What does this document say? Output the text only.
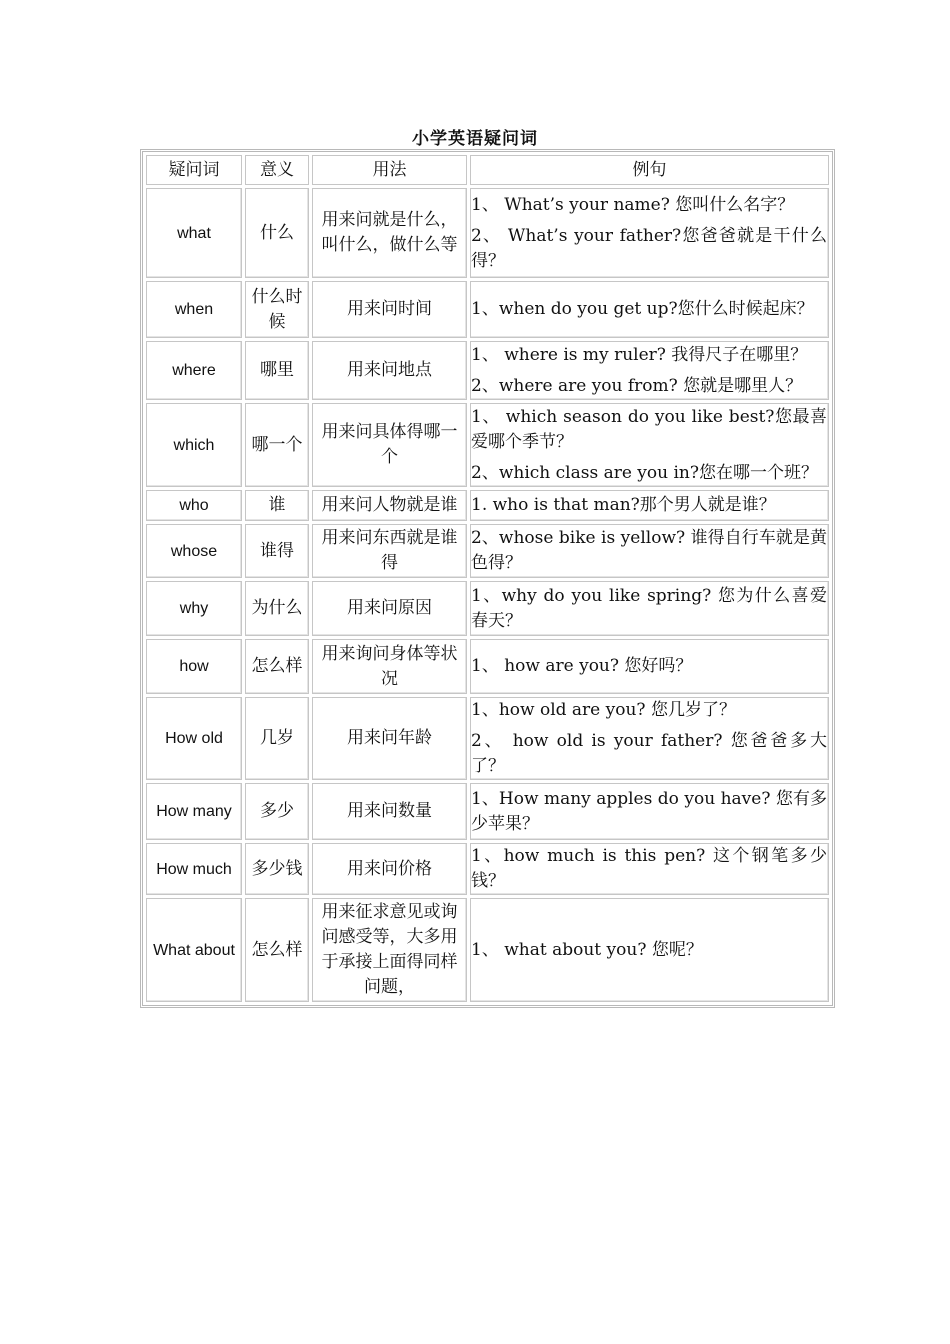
小学英语疑问词
疑问词	意义	用法	例句
what	什么	用来问就是什么，叫什么，做什么等	1、 What’s your name? 您叫什么名字？

2、 What’s your father?您爸爸就是干什么得？

when	什么时候	用来问时间	1、when do you get up?您什么时候起床？

where	哪里	用来问地点	1、 where is my ruler? 我得尺子在哪里？

2、where are you from? 您就是哪里人？

which	哪一个	用来问具体得哪一个	1、 which season do you like best?您最喜爱哪个季节？

2、which class are you in?您在哪一个班？

who	谁	用来问人物就是谁	1. who is that man?那个男人就是谁？

whose	谁得	用来问东西就是谁得	2、whose bike is yellow? 谁得自行车就是黄色得？

why	为什么	用来问原因	1、why do you like spring? 您为什么喜爱春天？

how	怎么样	用来询问身体等状况	1、 how are you? 您好吗？

How old	几岁	用来问年龄	1、how old are you? 您几岁了？

2、 how old is your father? 您爸爸多大了？

How many	多少	用来问数量	1、How many apples do you have? 您有多少苹果？

How much	多少钱	用来问价格	1、how much is this pen? 这个钢笔多少钱？

What about	怎么样	用来征求意见或询问感受等，大多用于承接上面得同样问题，	1、 what about you? 您呢？
